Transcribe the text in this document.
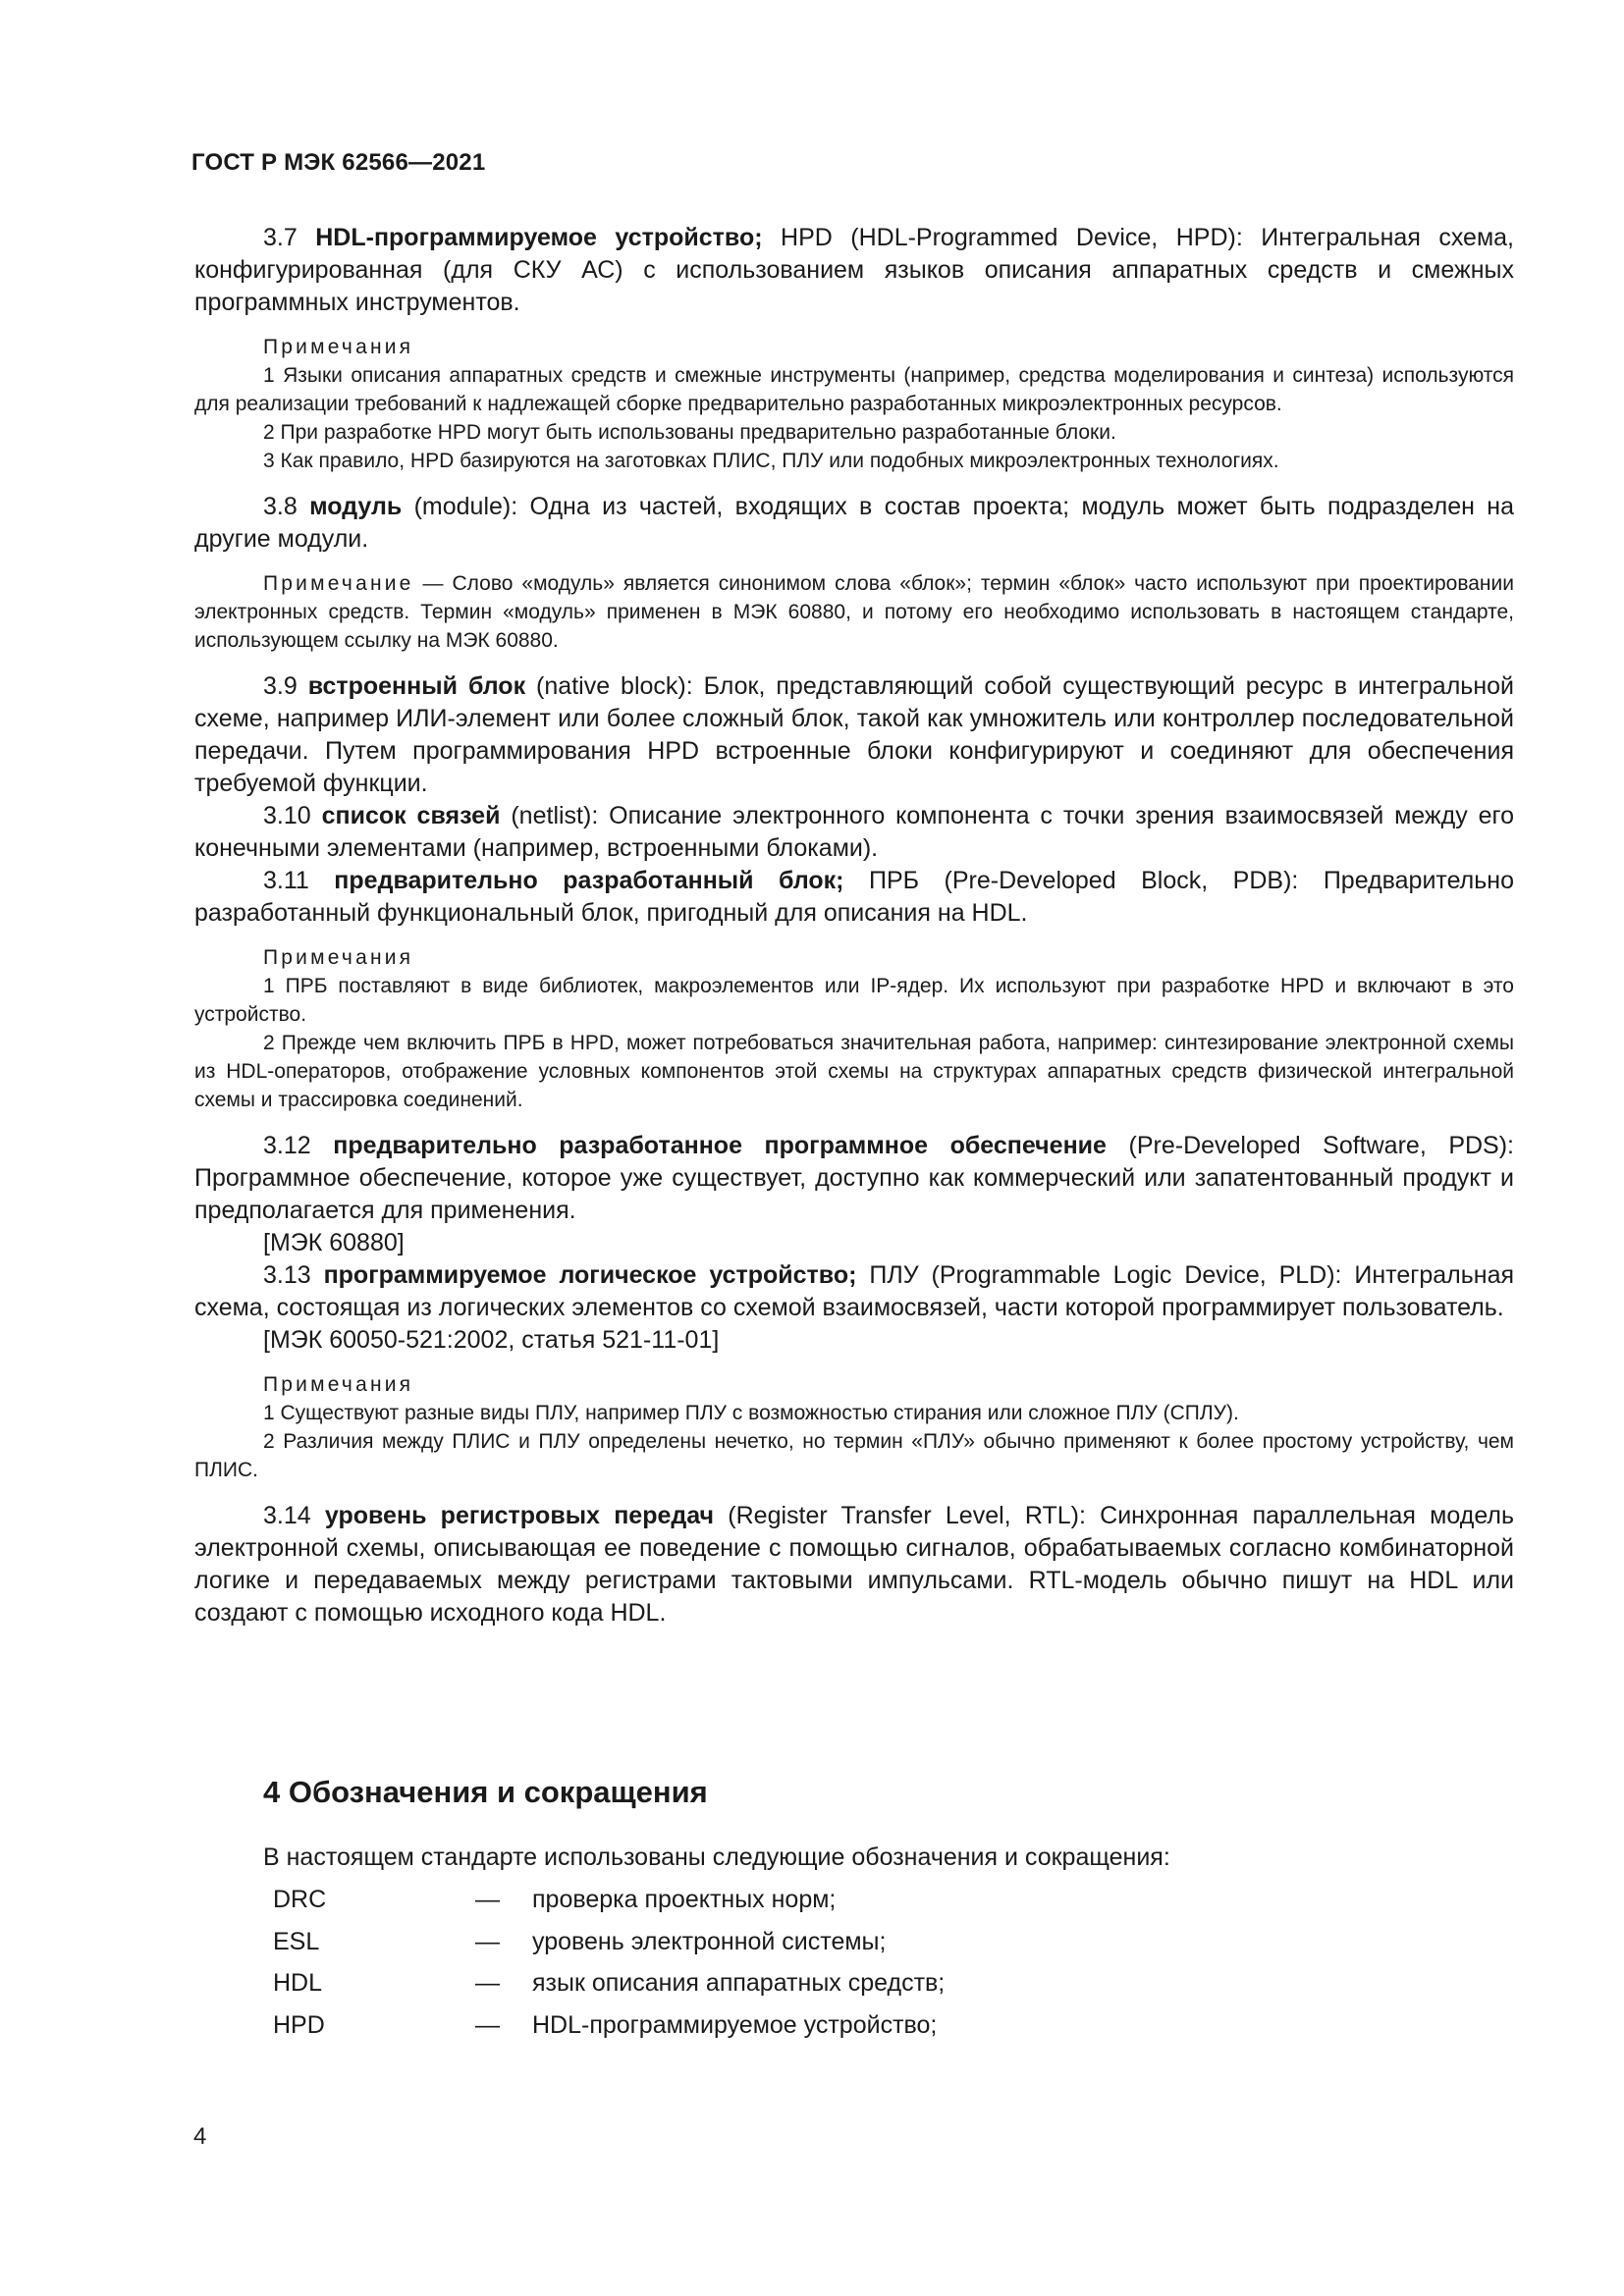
ГОСТ Р МЭК 62566—2021

3.7 HDL-программируемое устройство; HPD (HDL-Programmed Device, HPD): Интегральная схема, конфигурированная (для СКУ АС) с использованием языков описания аппаратных средств и смежных программных инструментов.

Примечания
1 Языки описания аппаратных средств и смежные инструменты (например, средства моделирования и синтеза) используются для реализации требований к надлежащей сборке предварительно разработанных микроэлектронных ресурсов.
2 При разработке HPD могут быть использованы предварительно разработанные блоки.
3 Как правило, HPD базируются на заготовках ПЛИС, ПЛУ или подобных микроэлектронных технологиях.

3.8 модуль (module): Одна из частей, входящих в состав проекта; модуль может быть подразделен на другие модули.

Примечание — Слово «модуль» является синонимом слова «блок»; термин «блок» часто используют при проектировании электронных средств. Термин «модуль» применен в МЭК 60880, и потому его необходимо использовать в настоящем стандарте, использующем ссылку на МЭК 60880.

3.9 встроенный блок (native block): Блок, представляющий собой существующий ресурс в интегральной схеме, например ИЛИ-элемент или более сложный блок, такой как умножитель или контроллер последовательной передачи. Путем программирования HPD встроенные блоки конфигурируют и соединяют для обеспечения требуемой функции.

3.10 список связей (netlist): Описание электронного компонента с точки зрения взаимосвязей между его конечными элементами (например, встроенными блоками).

3.11 предварительно разработанный блок; ПРБ (Pre-Developed Block, PDB): Предварительно разработанный функциональный блок, пригодный для описания на HDL.

Примечания
1 ПРБ поставляют в виде библиотек, макроэлементов или IP-ядер. Их используют при разработке HPD и включают в это устройство.
2 Прежде чем включить ПРБ в HPD, может потребоваться значительная работа, например: синтезирование электронной схемы из HDL-операторов, отображение условных компонентов этой схемы на структурах аппаратных средств физической интегральной схемы и трассировка соединений.

3.12 предварительно разработанное программное обеспечение (Pre-Developed Software, PDS): Программное обеспечение, которое уже существует, доступно как коммерческий или запатентованный продукт и предполагается для применения.

[МЭК 60880]

3.13 программируемое логическое устройство; ПЛУ (Programmable Logic Device, PLD): Интегральная схема, состоящая из логических элементов со схемой взаимосвязей, части которой программирует пользователь.

[МЭК 60050-521:2002, статья 521-11-01]

Примечания
1 Существуют разные виды ПЛУ, например ПЛУ с возможностью стирания или сложное ПЛУ (СПЛУ).
2 Различия между ПЛИС и ПЛУ определены нечетко, но термин «ПЛУ» обычно применяют к более простому устройству, чем ПЛИС.

3.14 уровень регистровых передач (Register Transfer Level, RTL): Синхронная параллельная модель электронной схемы, описывающая ее поведение с помощью сигналов, обрабатываемых согласно комбинаторной логике и передаваемых между регистрами тактовыми импульсами. RTL-модель обычно пишут на HDL или создают с помощью исходного кода HDL.

4 Обозначения и сокращения
В настоящем стандарте использованы следующие обозначения и сокращения:
DRC	— проверка проектных норм;
ESL	— уровень электронной системы;
HDL	— язык описания аппаратных средств;
HPD	— HDL-программируемое устройство;
4
